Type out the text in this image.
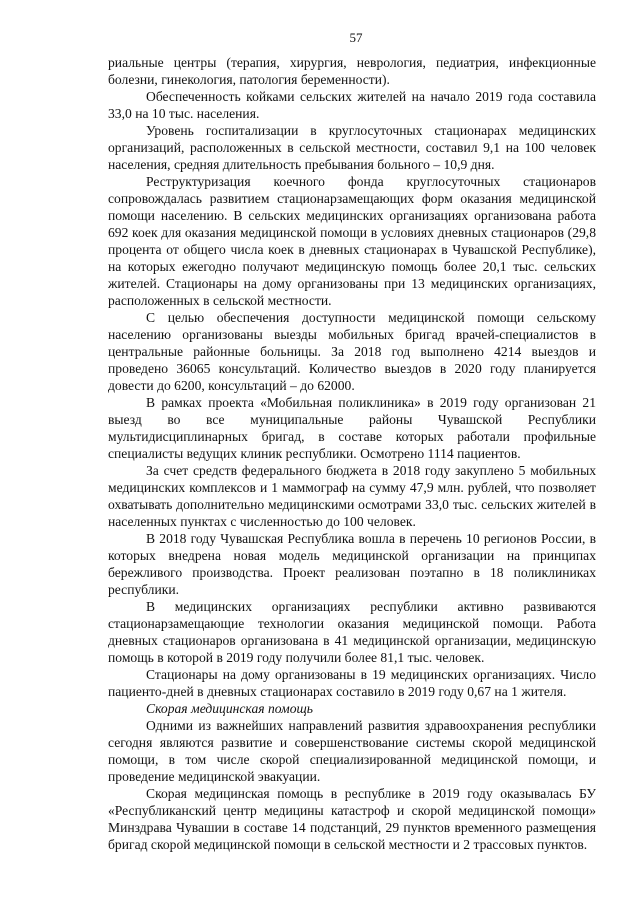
57

риальные центры (терапия, хирургия, неврология, педиатрия, инфекционные болезни, гинекология, патология беременности).

Обеспеченность койками сельских жителей на начало 2019 года составила 33,0 на 10 тыс. населения.

Уровень госпитализации в круглосуточных стационарах медицинских организаций, расположенных в сельской местности, составил 9,1 на 100 человек населения, средняя длительность пребывания больного – 10,9 дня.

Реструктуризация коечного фонда круглосуточных стационаров сопровождалась развитием стационарзамещающих форм оказания медицинской помощи населению. В сельских медицинских организациях организована работа 692 коек для оказания медицинской помощи в условиях дневных стационаров (29,8 процента от общего числа коек в дневных стационарах в Чувашской Республике), на которых ежегодно получают медицинскую помощь более 20,1 тыс. сельских жителей. Стационары на дому организованы при 13 медицинских организациях, расположенных в сельской местности.

С целью обеспечения доступности медицинской помощи сельскому населению организованы выезды мобильных бригад врачей-специалистов в центральные районные больницы. За 2018 год выполнено 4214 выездов и проведено 36065 консультаций. Количество выездов в 2020 году планируется довести до 6200, консультаций – до 62000.

В рамках проекта «Мобильная поликлиника» в 2019 году организован 21 выезд во все муниципальные районы Чувашской Республики мультидисциплинарных бригад, в составе которых работали профильные специалисты ведущих клиник республики. Осмотрено 1114 пациентов.

За счет средств федерального бюджета в 2018 году закуплено 5 мобильных медицинских комплексов и 1 маммограф на сумму 47,9 млн. рублей, что позволяет охватывать дополнительно медицинскими осмотрами 33,0 тыс. сельских жителей в населенных пунктах с численностью до 100 человек.

В 2018 году Чувашская Республика вошла в перечень 10 регионов России, в которых внедрена новая модель медицинской организации на принципах бережливого производства. Проект реализован поэтапно в 18 поликлиниках республики.

В медицинских организациях республики активно развиваются стационарзамещающие технологии оказания медицинской помощи. Работа дневных стационаров организована в 41 медицинской организации, медицинскую помощь в которой в 2019 году получили более 81,1 тыс. человек.

Стационары на дому организованы в 19 медицинских организациях. Число пациенто-дней в дневных стационарах составило в 2019 году 0,67 на 1 жителя.

Скорая медицинская помощь

Одними из важнейших направлений развития здравоохранения республики сегодня являются развитие и совершенствование системы скорой медицинской помощи, в том числе скорой специализированной медицинской помощи, и проведение медицинской эвакуации.

Скорая медицинская помощь в республике в 2019 году оказывалась БУ «Республиканский центр медицины катастроф и скорой медицинской помощи» Минздрава Чувашии в составе 14 подстанций, 29 пунктов временного размещения бригад скорой медицинской помощи в сельской местности и 2 трассовых пунктов.
